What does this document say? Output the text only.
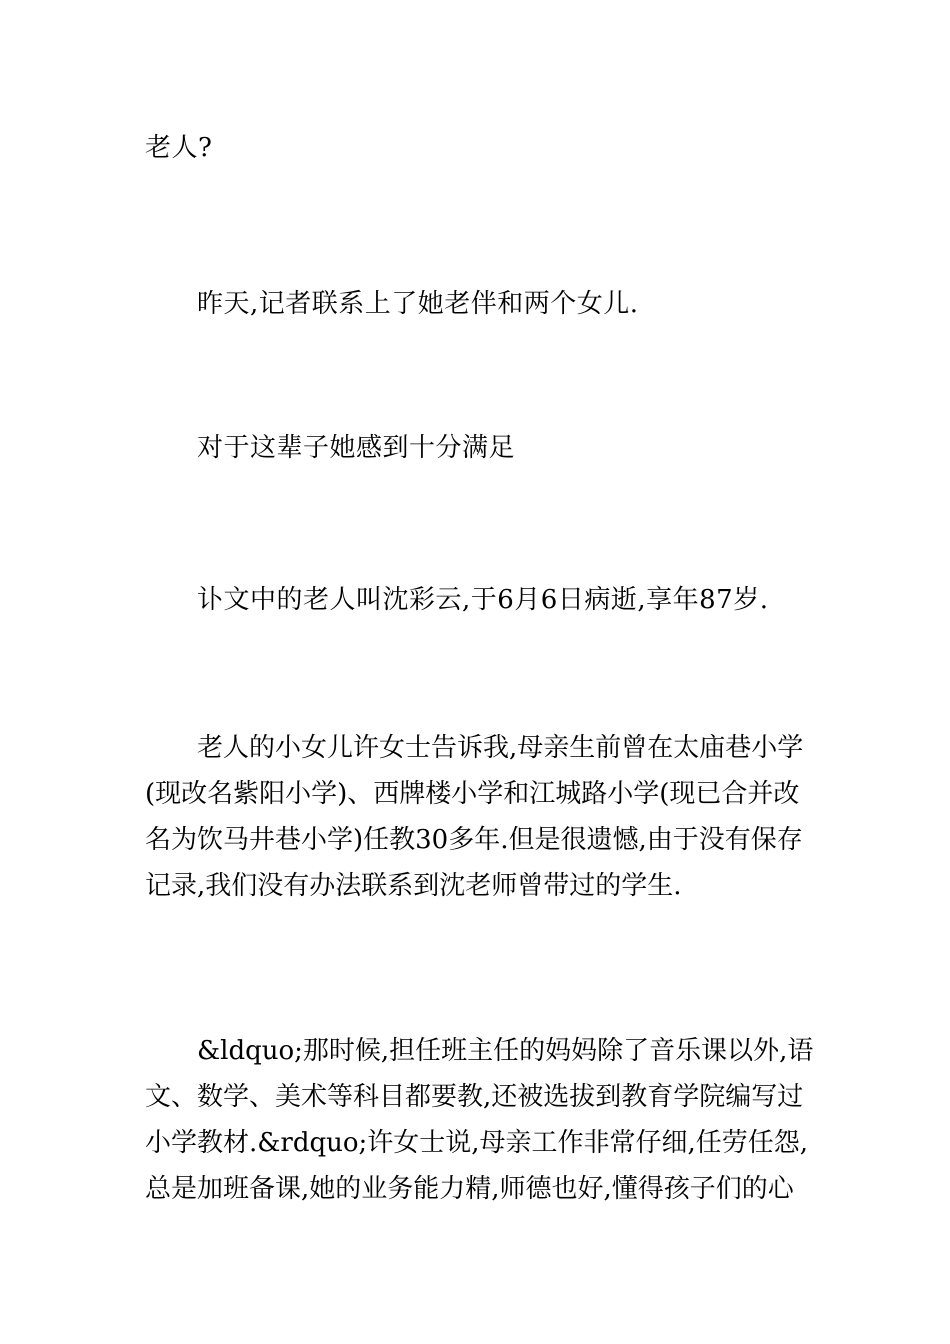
老人?
昨天,记者联系上了她老伴和两个女儿.
对于这辈子她感到十分满足
讣文中的老人叫沈彩云,于6月6日病逝,享年87岁.
老人的小女儿许女士告诉我,母亲生前曾在太庙巷小学
(现改名紫阳小学)、西牌楼小学和江城路小学(现已合并改
名为饮马井巷小学)任教30多年.但是很遗憾,由于没有保存
记录,我们没有办法联系到沈老师曾带过的学生.
&ldquo;那时候,担任班主任的妈妈除了音乐课以外,语
文、数学、美术等科目都要教,还被选拔到教育学院编写过
小学教材.&rdquo;许女士说,母亲工作非常仔细,任劳任怨,
总是加班备课,她的业务能力精,师德也好,懂得孩子们的心
